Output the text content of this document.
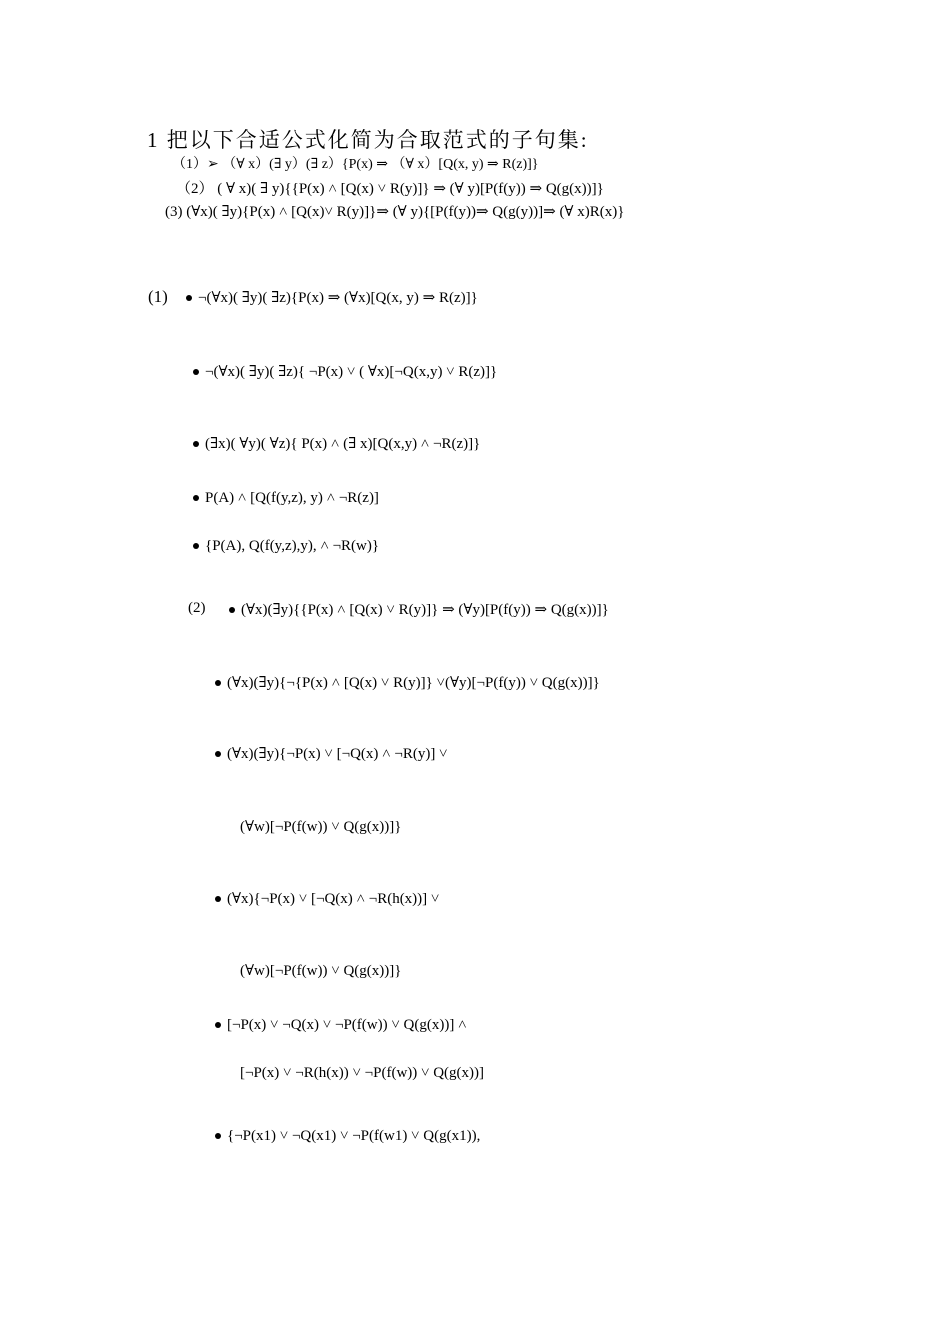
1 把以下合适公式化简为合取范式的子句集:
（1）➢ （∀ x）(∃ y）(∃ z）{P(x) ⇒ （∀ x）[Q(x, y) ⇒ R(z)]}
（2） ( ∀ x)( ∃ y){{P(x) ˄ [Q(x) ˅ R(y)]} ⇒ (∀ y)[P(f(y)) ⇒ Q(g(x))]}
(3) (∀x)( ∃y){P(x) ˄ [Q(x)˅ R(y)]}⇒ (∀ y){[P(f(y))⇒ Q(g(y))]⇒ (∀ x)R(x)}
(1)	¬(∀x)( ∃y)( ∃z){P(x) ⇒ (∀x)[Q(x, y) ⇒ R(z)]}
¬(∀x)( ∃y)( ∃z){ ¬P(x) ˅ ( ∀x)[¬Q(x,y) ˅ R(z)]}
(∃x)( ∀y)( ∀z){ P(x) ˄ (∃ x)[Q(x,y) ˄ ¬R(z)]}
P(A) ˄ [Q(f(y,z), y) ˄ ¬R(z)]
{P(A), Q(f(y,z),y), ˄ ¬R(w)}
(2)	(∀x)(∃y){{P(x) ˄ [Q(x) ˅ R(y)]} ⇒ (∀y)[P(f(y)) ⇒ Q(g(x))]}
(∀x)(∃y){¬{P(x) ˄ [Q(x) ˅ R(y)]} ˅(∀y)[¬P(f(y)) ˅ Q(g(x))]}
(∀x)(∃y){¬P(x) ˅ [¬Q(x) ˄ ¬R(y)] ˅
(∀w)[¬P(f(w)) ˅ Q(g(x))]}
(∀x){¬P(x) ˅ [¬Q(x) ˄ ¬R(h(x))] ˅
(∀w)[¬P(f(w)) ˅ Q(g(x))]}
[¬P(x) ˅ ¬Q(x) ˅ ¬P(f(w)) ˅ Q(g(x))] ˄
[¬P(x) ˅ ¬R(h(x)) ˅ ¬P(f(w)) ˅ Q(g(x))]
{¬P(x1) ˅ ¬Q(x1) ˅ ¬P(f(w1) ˅ Q(g(x1)),
